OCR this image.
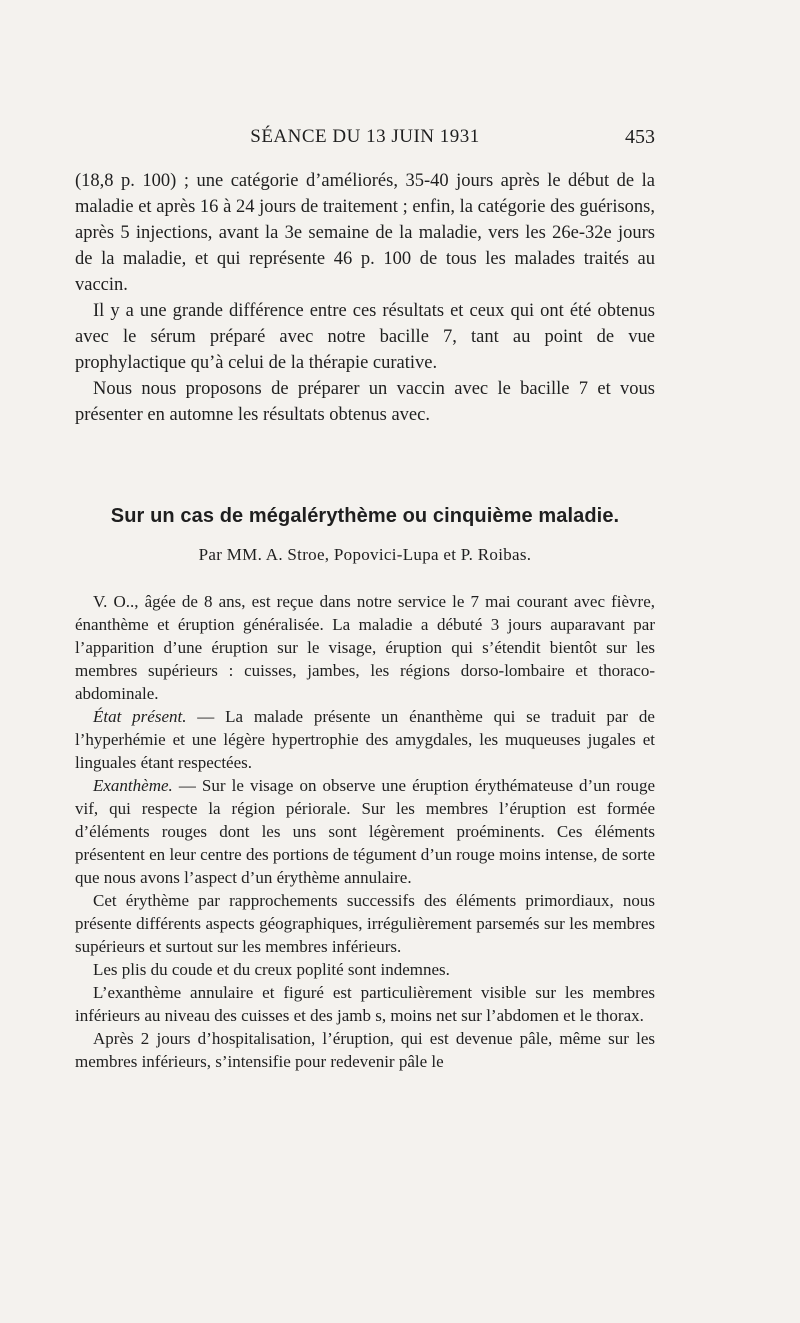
SÉANCE DU 13 JUIN 1931	453

(18,8 p. 100) ; une catégorie d’améliorés, 35-40 jours après le début de la maladie et après 16 à 24 jours de traitement ; enfin, la catégorie des guérisons, après 5 injections, avant la 3e semaine de la maladie, vers les 26e-32e jours de la maladie, et qui représente 46 p. 100 de tous les malades traités au vaccin.

Il y a une grande différence entre ces résultats et ceux qui ont été obtenus avec le sérum préparé avec notre bacille 7, tant au point de vue prophylactique qu’à celui de la thérapie curative.

Nous nous proposons de préparer un vaccin avec le bacille 7 et vous présenter en automne les résultats obtenus avec.

Sur un cas de mégalérythème ou cinquième maladie.
Par MM. A. Stroe, Popovici-Lupa et P. Roibas.

V. O.., âgée de 8 ans, est reçue dans notre service le 7 mai courant avec fièvre, énanthème et éruption généralisée. La maladie a débuté 3 jours auparavant par l’apparition d’une éruption sur le visage, éruption qui s’étendit bientôt sur les membres supérieurs : cuisses, jambes, les régions dorso-lombaire et thoraco-abdominale.

État présent. — La malade présente un énanthème qui se traduit par de l’hyperhémie et une légère hypertrophie des amygdales, les muqueuses jugales et linguales étant respectées.

Exanthème. — Sur le visage on observe une éruption érythémateuse d’un rouge vif, qui respecte la région périorale. Sur les membres l’éruption est formée d’éléments rouges dont les uns sont légèrement proéminents. Ces éléments présentent en leur centre des portions de tégument d’un rouge moins intense, de sorte que nous avons l’aspect d’un érythème annulaire.

Cet érythème par rapprochements successifs des éléments primordiaux, nous présente différents aspects géographiques, irrégulièrement parsemés sur les membres supérieurs et surtout sur les membres inférieurs.

Les plis du coude et du creux poplité sont indemnes.

L’exanthème annulaire et figuré est particulièrement visible sur les membres inférieurs au niveau des cuisses et des jamb s, moins net sur l’abdomen et le thorax.

Après 2 jours d’hospitalisation, l’éruption, qui est devenue pâle, même sur les membres inférieurs, s’intensifie pour redevenir pâle le
